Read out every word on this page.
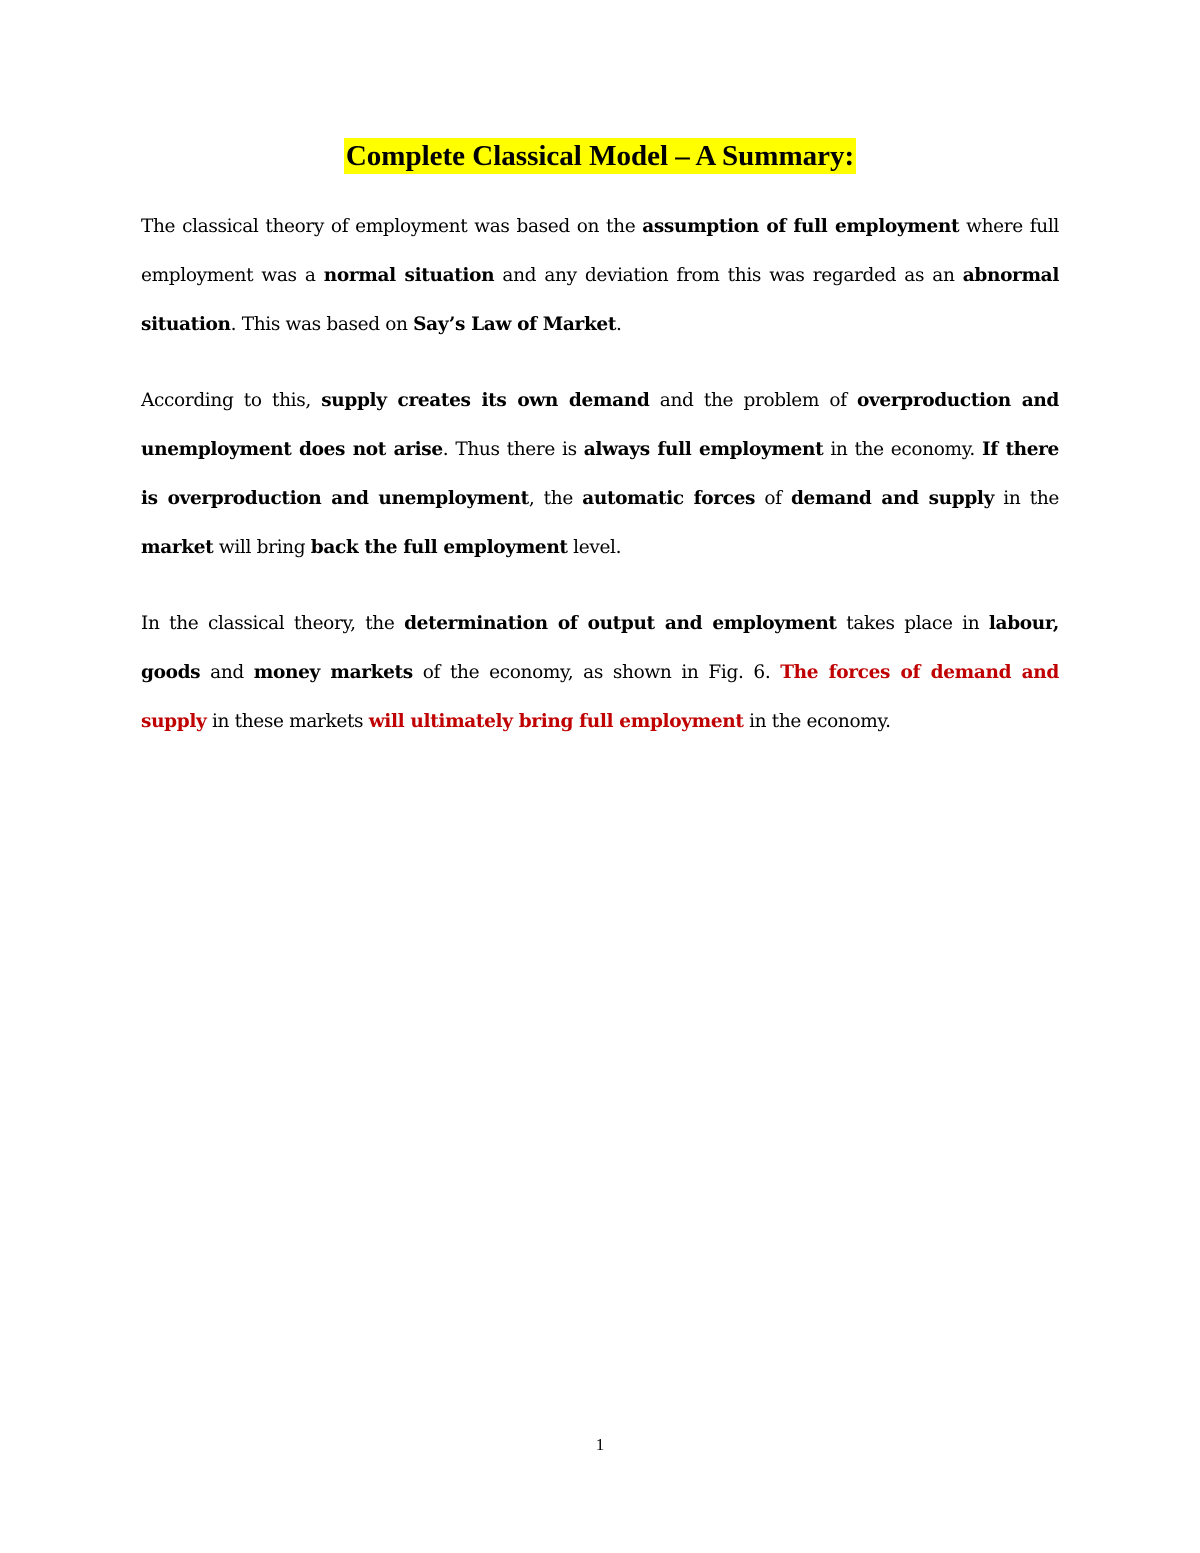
Complete Classical Model – A Summary:

The classical theory of employment was based on the assumption of full employment where full employment was a normal situation and any deviation from this was regarded as an abnormal situation. This was based on Say’s Law of Market.

According to this, supply creates its own demand and the problem of overproduction and unemployment does not arise. Thus there is always full employment in the economy. If there is overproduction and unemployment, the automatic forces of demand and supply in the market will bring back the full employment level.

In the classical theory, the determination of output and employment takes place in labour, goods and money markets of the economy, as shown in Fig. 6. The forces of demand and supply in these markets will ultimately bring full employment in the economy.

1
